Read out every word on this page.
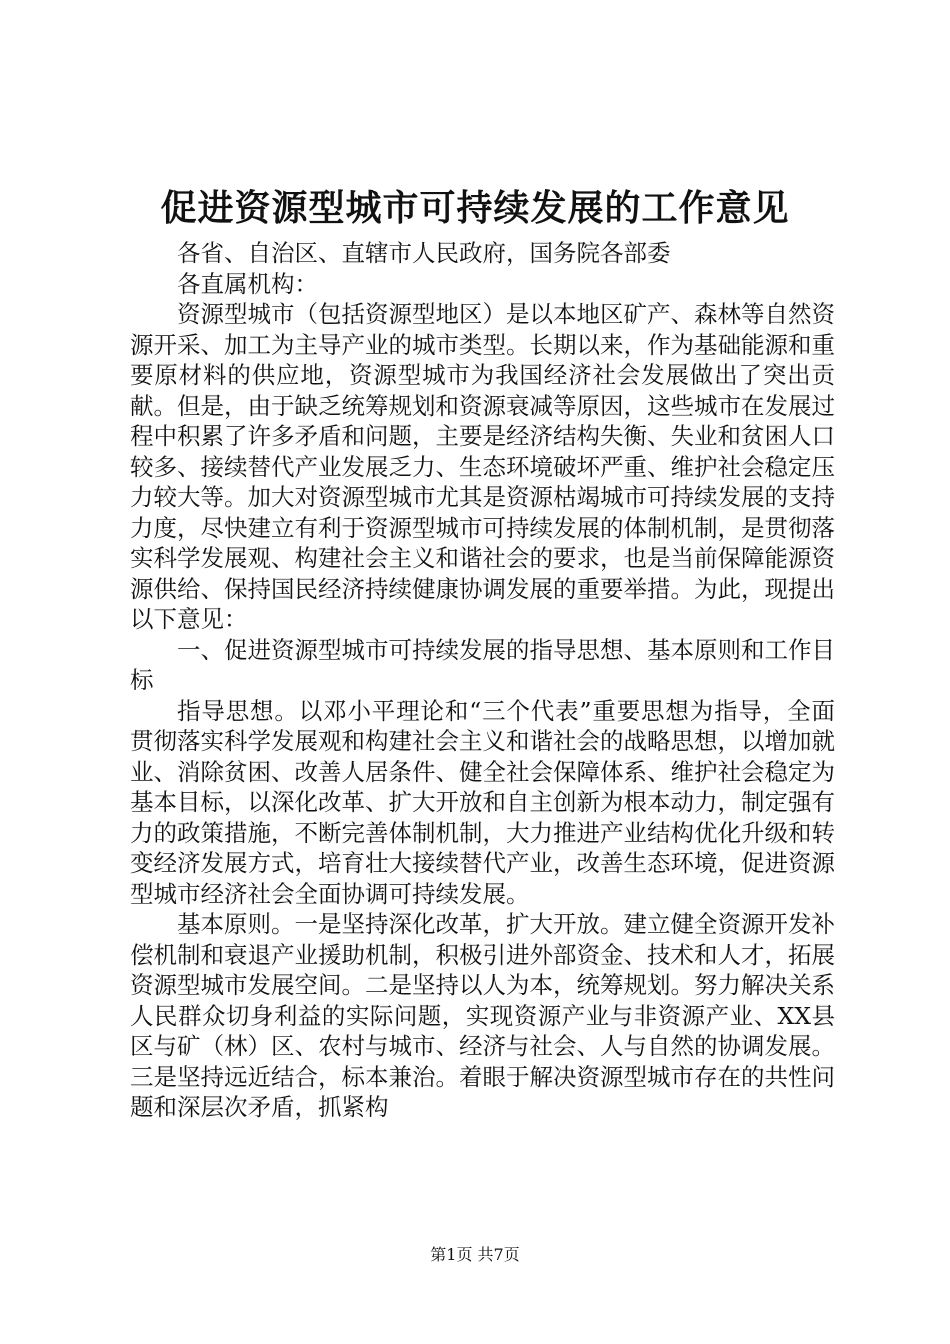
促进资源型城市可持续发展的工作意见

各省、自治区、直辖市人民政府，国务院各部委

各直属机构：

资源型城市（包括资源型地区）是以本地区矿产、森林等自然资源开采、加工为主导产业的城市类型。长期以来，作为基础能源和重要原材料的供应地，资源型城市为我国经济社会发展做出了突出贡献。但是，由于缺乏统筹规划和资源衰减等原因，这些城市在发展过程中积累了许多矛盾和问题，主要是经济结构失衡、失业和贫困人口较多、接续替代产业发展乏力、生态环境破坏严重、维护社会稳定压力较大等。加大对资源型城市尤其是资源枯竭城市可持续发展的支持力度，尽快建立有利于资源型城市可持续发展的体制机制，是贯彻落实科学发展观、构建社会主义和谐社会的要求，也是当前保障能源资源供给、保持国民经济持续健康协调发展的重要举措。为此，现提出以下意见：

一、促进资源型城市可持续发展的指导思想、基本原则和工作目标

指导思想。以邓小平理论和“三个代表”重要思想为指导，全面贯彻落实科学发展观和构建社会主义和谐社会的战略思想，以增加就业、消除贫困、改善人居条件、健全社会保障体系、维护社会稳定为基本目标，以深化改革、扩大开放和自主创新为根本动力，制定强有力的政策措施，不断完善体制机制，大力推进产业结构优化升级和转变经济发展方式，培育壮大接续替代产业，改善生态环境，促进资源型城市经济社会全面协调可持续发展。

基本原则。一是坚持深化改革，扩大开放。建立健全资源开发补偿机制和衰退产业援助机制，积极引进外部资金、技术和人才，拓展资源型城市发展空间。二是坚持以人为本，统筹规划。努力解决关系人民群众切身利益的实际问题，实现资源产业与非资源产业、XX县区与矿（林）区、农村与城市、经济与社会、人与自然的协调发展。三是坚持远近结合，标本兼治。着眼于解决资源型城市存在的共性问题和深层次矛盾，抓紧构

第1页 共7页
